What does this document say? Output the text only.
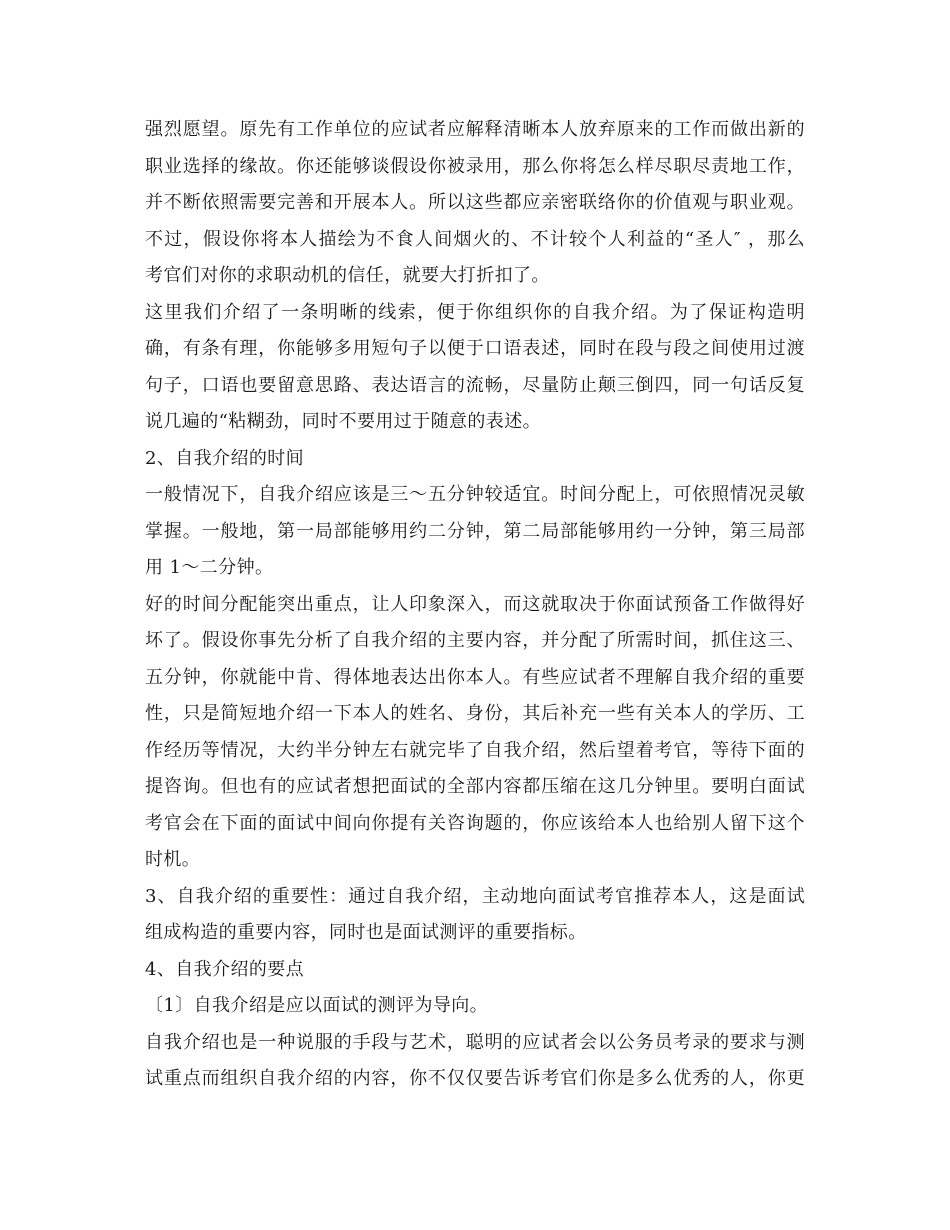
强烈愿望。原先有工作单位的应试者应解释清晰本人放弃原来的工作而做出新的
职业选择的缘故。你还能够谈假设你被录用，那么你将怎么样尽职尽责地工作，
并不断依照需要完善和开展本人。所以这些都应亲密联络你的价值观与职业观。
不过，假设你将本人描绘为不食人间烟火的、不计较个人利益的“圣人″ ，那么
考官们对你的求职动机的信任，就要大打折扣了。
这里我们介绍了一条明晰的线索，便于你组织你的自我介绍。为了保证构造明
确，有条有理，你能够多用短句子以便于口语表述，同时在段与段之间使用过渡
句子，口语也要留意思路、表达语言的流畅，尽量防止颠三倒四，同一句话反复
说几遍的“粘糊劲，同时不要用过于随意的表述。
2、自我介绍的时间
一般情况下，自我介绍应该是三～五分钟较适宜。时间分配上，可依照情况灵敏
掌握。一般地，第一局部能够用约二分钟，第二局部能够用约一分钟，第三局部
用 1～二分钟。
好的时间分配能突出重点，让人印象深入，而这就取决于你面试预备工作做得好
坏了。假设你事先分析了自我介绍的主要内容，并分配了所需时间，抓住这三、
五分钟，你就能中肯、得体地表达出你本人。有些应试者不理解自我介绍的重要
性，只是简短地介绍一下本人的姓名、身份，其后补充一些有关本人的学历、工
作经历等情况，大约半分钟左右就完毕了自我介绍，然后望着考官，等待下面的
提咨询。但也有的应试者想把面试的全部内容都压缩在这几分钟里。要明白面试
考官会在下面的面试中间向你提有关咨询题的，你应该给本人也给别人留下这个
时机。
3、自我介绍的重要性：通过自我介绍，主动地向面试考官推荐本人，这是面试
组成构造的重要内容，同时也是面试测评的重要指标。
4、自我介绍的要点
〔1〕自我介绍是应以面试的测评为导向。
自我介绍也是一种说服的手段与艺术，聪明的应试者会以公务员考录的要求与测
试重点而组织自我介绍的内容，你不仅仅要告诉考官们你是多么优秀的人，你更
